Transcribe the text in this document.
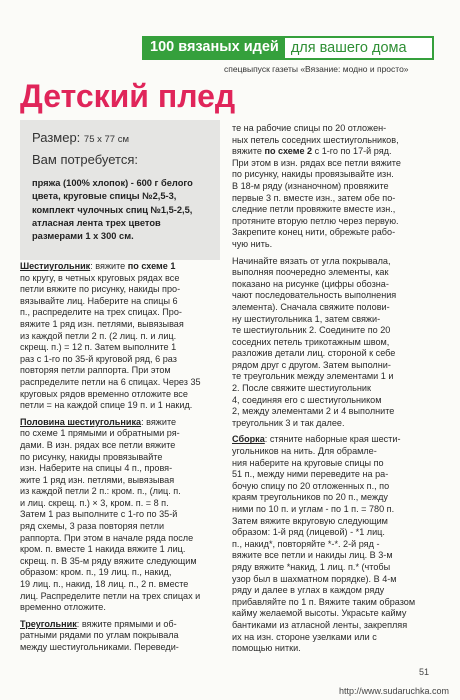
100 вязаных идей для вашего дома
спецвыпуск газеты «Вязание: модно и просто»
Детский плед
Размер: 75 х 77 см
Вам потребуется:
пряжа (100% хлопок) - 600 г белого цвета, круговые спицы №2,5-3, комплект чулочных спиц №1,5-2,5, атласная лента трех цветов размерами 1 х 300 см.
Шестиугольник: вяжите по схеме 1
по кругу, в четных круговых рядах все
петли вяжите по рисунку, накиды про-
вязывайте лиц. Наберите на спицы 6
п., распределите на трех спицах. Про-
вяжите 1 ряд изн. петлями, вывязывая
из каждой петли 2 п. (2 лиц. п. и лиц.
скрещ. п.) = 12 п. Затем выполните 1
раз с 1-го по 35-й круговой ряд, 6 раз
повторяя петли раппорта. При этом
распределите петли на 6 спицах. Через 35
круговых рядов временно отложите все
петли = на каждой спице 19 п. и 1 накид.
Половина шестиугольника: вяжите
по схеме 1 прямыми и обратными ря-
дами. В изн. рядах все петли вяжите
по рисунку, накиды провязывайте
изн. Наберите на спицы 4 п., провя-
жите 1 ряд изн. петлями, вывязывая
из каждой петли 2 п.: кром. п., (лиц. п.
и лиц. скрещ. п.) × 3, кром. п. = 8 п.
Затем 1 раз выполните с 1-го по 35-й
ряд схемы, 3 раза повторяя петли
раппорта. При этом в начале ряда после
кром. п. вместе 1 накида вяжите 1 лиц.
скрещ. п. В 35-м ряду вяжите следующим
образом: кром. п., 19 лиц. п., накид,
19 лиц. п., накид, 18 лиц. п., 2 п. вместе
лиц. Распределите петли на трех спицах и
временно отложите.
Треугольник: вяжите прямыми и об-
ратными рядами по углам покрывала
между шестиугольниками. Переведи-
те на рабочие спицы по 20 отложен-
ных петель соседних шестиугольников,
вяжите по схеме 2 с 1-го по 17-й ряд.
При этом в изн. рядах все петли вяжите
по рисунку, накиды провязывайте изн.
В 18-м ряду (изнаночном) провяжите
первые 3 п. вместе изн., затем обе по-
следние петли провяжите вместе изн.,
протяните вторую петлю через первую.
Закрепите конец нити, обрежьте рабо-
чую нить.
Начинайте вязать от угла покрывала,
выполняя поочередно элементы, как
показано на рисунке (цифры обозна-
чают последовательность выполнения
элемента). Сначала свяжите полови-
ну шестиугольника 1, затем свяжи-
те шестиугольник 2. Соедините по 20
соседних петель трикотажным швом,
разложив детали лиц. стороной к себе
рядом друг с другом. Затем выполни-
те треугольник между элементами 1 и
2. После свяжите шестиугольник
4, соединяя его с шестиугольником
2, между элементами 2 и 4 выполните
треугольник 3 и так далее.
Сборка: стяните наборные края шести-
угольников на нить. Для обрамле-
ния наберите на круговые спицы по
51 п., между ними переведите на ра-
бочую спицу по 20 отложенных п., по
краям треугольников по 20 п., между
ними по 10 п. и углам - по 1 п. = 780 п.
Затем вяжите вкруговую следующим
образом: 1-й ряд (лицевой) - *1 лиц.
п., накид*, повторяйте *-*. 2-й ряд -
вяжите все петли и накиды лиц. В 3-м
ряду вяжите *накид, 1 лиц. п.* (чтобы
узор был в шахматном порядке). В 4-м
ряду и далее в углах в каждом ряду
прибавляйте по 1 п. Вяжите таким образом
кайму желаемой высоты. Украсьте кайму
бантиками из атласной ленты, закрепляя
их на изн. стороне узелками или с
помощью нитки.
51
http://www.sudaruchka.com
